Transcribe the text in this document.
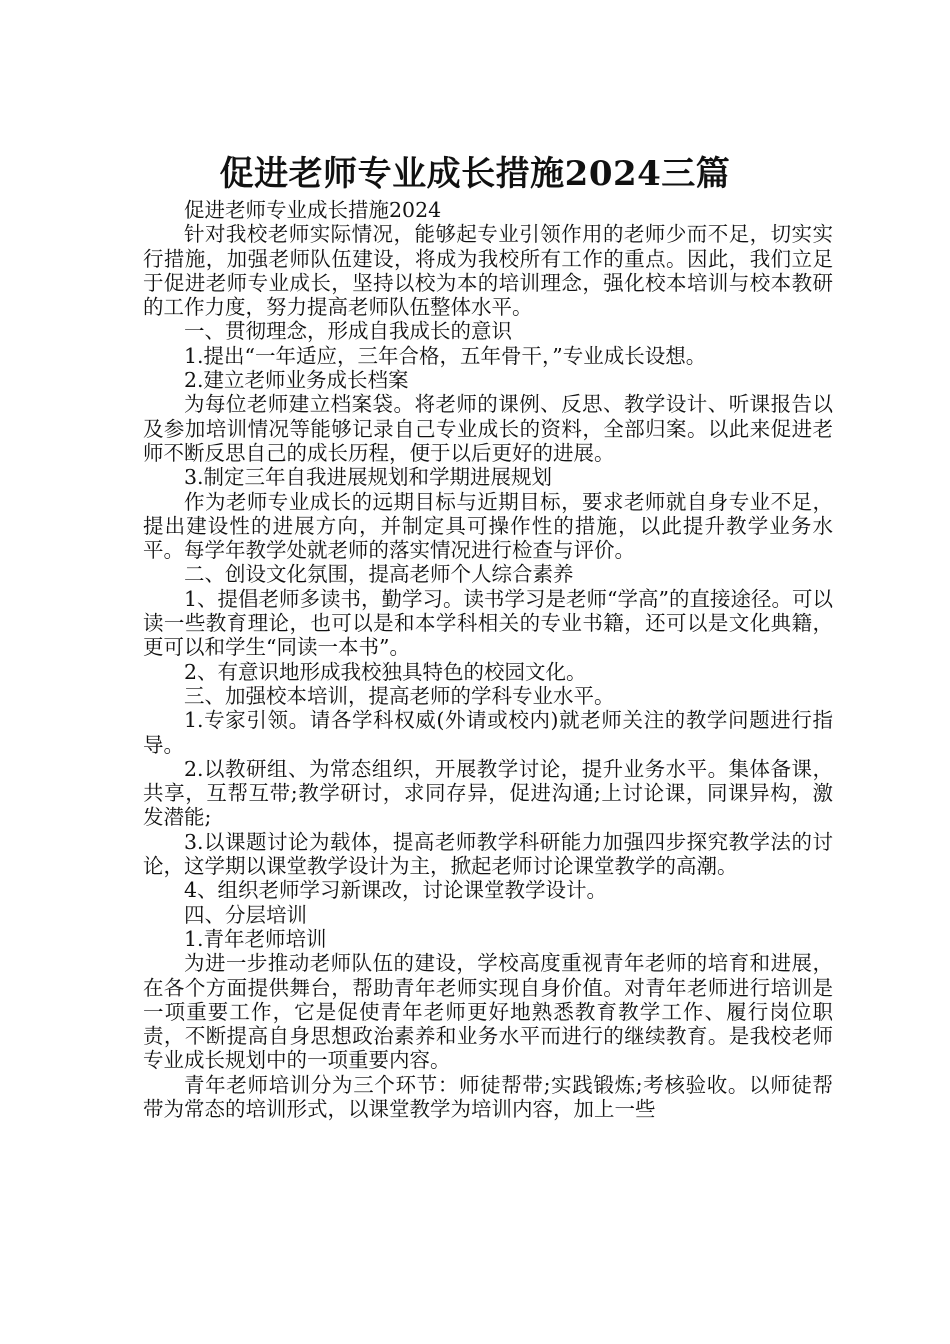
促进老师专业成长措施2024三篇

促进老师专业成长措施2024

针对我校老师实际情况，能够起专业引领作用的老师少而不足，切实实行措施，加强老师队伍建设，将成为我校所有工作的重点。因此，我们立足于促进老师专业成长，坚持以校为本的培训理念，强化校本培训与校本教研的工作力度，努力提高老师队伍整体水平。

一、贯彻理念，形成自我成长的意识

1.提出“一年适应，三年合格，五年骨干，”专业成长设想。

2.建立老师业务成长档案

为每位老师建立档案袋。将老师的课例、反思、教学设计、听课报告以及参加培训情况等能够记录自己专业成长的资料，全部归案。以此来促进老师不断反思自己的成长历程，便于以后更好的进展。

3.制定三年自我进展规划和学期进展规划

作为老师专业成长的远期目标与近期目标，要求老师就自身专业不足，提出建设性的进展方向，并制定具可操作性的措施，以此提升教学业务水平。每学年教学处就老师的落实情况进行检查与评价。

二、创设文化氛围，提高老师个人综合素养

1、提倡老师多读书，勤学习。读书学习是老师“学高”的直接途径。可以读一些教育理论，也可以是和本学科相关的专业书籍，还可以是文化典籍，更可以和学生“同读一本书”。

2、有意识地形成我校独具特色的校园文化。

三、加强校本培训，提高老师的学科专业水平。

1.专家引领。请各学科权威(外请或校内)就老师关注的教学问题进行指导。

2.以教研组、为常态组织，开展教学讨论，提升业务水平。集体备课，共享，互帮互带;教学研讨，求同存异，促进沟通;上讨论课，同课异构，激发潜能;

3.以课题讨论为载体，提高老师教学科研能力加强四步探究教学法的讨论，这学期以课堂教学设计为主，掀起老师讨论课堂教学的高潮。

4、组织老师学习新课改，讨论课堂教学设计。

四、分层培训

1.青年老师培训

为进一步推动老师队伍的建设，学校高度重视青年老师的培育和进展，在各个方面提供舞台，帮助青年老师实现自身价值。对青年老师进行培训是一项重要工作，它是促使青年老师更好地熟悉教育教学工作、履行岗位职责，不断提高自身思想政治素养和业务水平而进行的继续教育。是我校老师专业成长规划中的一项重要内容。

青年老师培训分为三个环节：师徒帮带;实践锻炼;考核验收。以师徒帮带为常态的培训形式，以课堂教学为培训内容，加上一些
